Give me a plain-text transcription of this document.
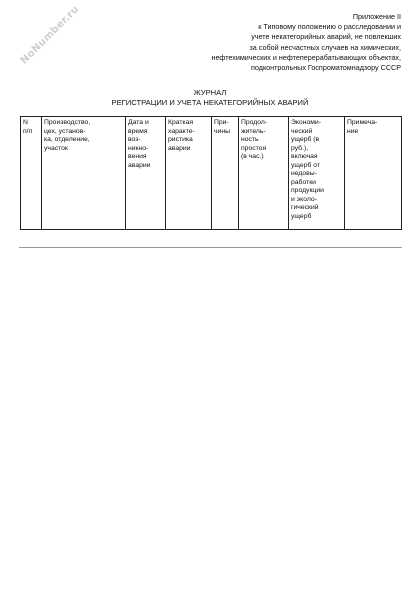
NoNumber.ru	Приложение II
к Типовому положению о расследовании и
учете некатегорийных аварий, не повлекших
за собой несчастных случаев на химических,
нефтехимических и нефтеперерабатывающих объектах,
подконтрольных Госпроматомнадзору СССР
ЖУРНАЛ
РЕГИСТРАЦИИ И УЧЕТА НЕКАТЕГОРИЙНЫХ АВАРИЙ
N
п/п

Производство,
цех, установ-
ка, отделение,
участок

Дата и
время
воз-
никно-
вения
аварии

Краткая
характе-
ристика
аварии

При-
чины

Продол-
житель-
ность
простоя
(в час.)

Экономи-
ческий
ущерб (в
руб.),
включая
ущерб от
недовы-
работки
продукции
и эколо-
гический
ущерб

Примеча-
ние
